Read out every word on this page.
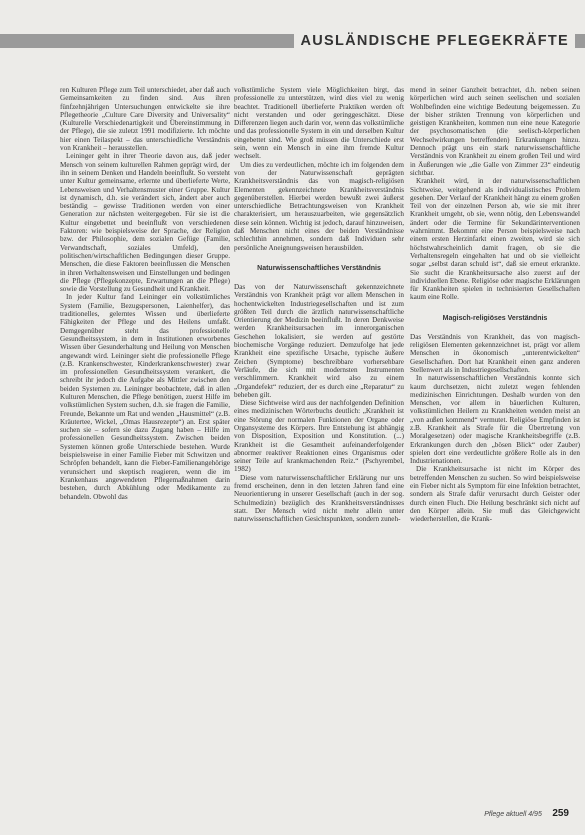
AUSLÄNDISCHE PFLEGEKRÄFTE

ren Kulturen Pflege zum Teil unterschiedet, aber daß auch Gemeinsamkeiten zu finden sind. Aus ihren fünfzehnjährigen Untersuchungen entwickelte sie ihre Pflegetheorie „Culture Care Diversity and Universality“ (Kulturelle Verschiedenartigkeit und Übereinstimmung in der Pflege), die sie zuletzt 1991 modifizierte. Ich möchte hier einen Teilaspekt – das unterschiedliche Verständnis von Krankheit – herausstellen.

Leininger geht in ihrer Theorie davon aus, daß jeder Mensch von seinem kulturellen Rahmen geprägt wird, der ihn in seinem Denken und Handeln beeinflußt. So versteht unter Kultur gemeinsame, erlernte und überlieferte Werte, Lebensweisen und Verhaltensmuster einer Gruppe. Kultur ist dynamisch, d.h. sie verändert sich, ändert aber auch beständig – gewisse Traditionen werden von einer Generation zur nächsten weitergegeben. Für sie ist die Kultur eingebettet und beeinflußt von verschiedenen Faktoren: wie beispielsweise der Sprache, der Religion bzw. der Philosophie, dem sozialen Gefüge (Familie, Verwandtschaft, soziales Umfeld), den politischen/wirtschaftlichen Bedingungen dieser Gruppe. Menschen, die diese Faktoren beeinflussen die Menschen in ihren Verhaltensweisen und Einstellungen und bedingen die Pflege (Pflegekonzepte, Erwartungen an die Pflege) sowie die Vorstellung zu Gesundheit und Krankheit.

In jeder Kultur fand Leininger ein volkstümliches System (Familie, Bezugspersonen, Laienhelfer), das traditionelles, gelerntes Wissen und überlieferte Fähigkeiten der Pflege und des Heilens umfaßt. Demgegenüber steht das professionelle Gesundheitssystem, in dem in Institutionen erworbenes Wissen über Gesunderhaltung und Heilung von Menschen angewandt wird. Leininger sieht die professionelle Pflege (z.B. Krankenschwester, Kinderkrankenschwester) zwar im professionellen Gesundheitssystem verankert, die schreibt ihr jedoch die Aufgabe als Mittler zwischen den beiden Systemen zu. Leininger beobachtete, daß in allen Kulturen Menschen, die Pflege benötigen, zuerst Hilfe im volkstümlichen System suchen, d.h. sie fragen die Familie, Freunde, Bekannte um Rat und wenden „Hausmittel“ (z.B. Kräutertee, Wickel, „Omas Hausrezepte“) an. Erst später suchen sie – sofern sie dazu Zugang haben – Hilfe im professionellen Gesundheitssystem. Zwischen beiden Systemen können große Unterschiede bestehen. Wurde beispielsweise in einer Familie Fieber mit Schwitzen und Schröpfen behandelt, kann die Fieber-Familienangehörige verunsichert und skeptisch reagieren, wenn die im Krankenhaus angewendeten Pflegemaßnahmen darin bestehen, durch Abkühlung oder Medikamente zu behandeln. Obwohl das

volkstümliche System viele Möglichkeiten birgt, das professionelle zu unterstützen, wird dies viel zu wenig beachtet. Traditionell überlieferte Praktiken werden oft nicht verstanden und oder geringgeschätzt. Diese Differenzen liegen auch darin vor, wenn das volkstümliche und das professionelle System in ein und derselben Kultur eingebettet sind. Wie groß müssen die Unterschiede erst sein, wenn ein Mensch in eine ihm fremde Kultur wechselt.

Um dies zu verdeutlichen, möchte ich im folgenden dem von der Naturwissenschaft geprägten Krankheitsverständnis das von magisch-religiösen Elementen gekennzeichnete Krankheitsverständnis gegenüberstellen. Hierbei werden bewußt zwei äußerst unterschiedliche Betrachtungsweisen von Krankheit charakterisiert, um herauszuarbeiten, wie gegensätzlich diese sein können. Wichtig ist jedoch, darauf hinzuweisen, daß Menschen nicht eines der beiden Verständnisse schlechthin annehmen, sondern daß Individuen sehr persönliche Aneignungsweisen herausbilden.

Naturwissenschaftliches Verständnis

Das von der Naturwissenschaft gekennzeichnete Verständnis von Krankheit prägt vor allem Menschen in hochentwickelten Industriegesellschaften und ist zum größten Teil durch die ärztlich naturwissenschaftliche Orientierung der Medizin beeinflußt. In deren Denkweise werden Krankheitsursachen im innerorganischen Geschehen lokalisiert, sie werden auf gestörte biochemische Vorgänge reduziert. Demzufolge hat jede Krankheit eine spezifische Ursache, typische äußere Zeichen (Symptome) beschreibbare vorhersehbare Verläufe, die sich mit modernsten Instrumenten verschlimmern. Krankheit wird also zu einem „Organdefekt“ reduziert, der es durch eine „Reparatur“ zu beheben gilt.

Diese Sichtweise wird aus der nachfolgenden Definition eines medizinischen Wörterbuchs deutlich: „Krankheit ist eine Störung der normalen Funktionen der Organe oder Organsysteme des Körpers. Ihre Entstehung ist abhängig von Disposition, Exposition und Konstitution. (...) Krankheit ist die Gesamtheit aufeinanderfolgender abnormer reaktiver Reaktionen eines Organismus oder seiner Teile auf krankmachenden Reiz.“ (Pschyrembel, 1982)

Diese vom naturwissenschaftlicher Erklärung nur uns fremd erscheinen, denn in den letzten Jahren fand eine Neuorientierung in unserer Gesellschaft (auch in der sog. Schulmedizin) bezüglich des Krankheitsverständnisses statt. Der Mensch wird nicht mehr allein unter naturwissenschaftlichen Gesichtspunkten, sondern zuneh-

mend in seiner Ganzheit betrachtet, d.h. neben seinen körperlichen wird auch seinen seelischen und sozialen Wohlbefinden eine wichtige Bedeutung beigemessen. Zu der bisher strikten Trennung von körperlichen und geistigen Krankheiten, kommen nun eine neue Kategorie der psychosomatischen (die seelisch-körperlichen Wechselwirkungen betreffenden) Erkrankungen hinzu. Dennoch prägt uns ein stark naturwissenschaftliche Verständnis von Krankheit zu einem großen Teil und wird in Äußerungen wie „die Galle von Zimmer 23“ eindeutig sichtbar.

Krankheit wird, in der naturwissenschaftlichen Sichtweise, weitgehend als individualistisches Problem gesehen. Der Verlauf der Krankheit hängt zu einem großen Teil von der einzelnen Person ab, wie sie mit ihrer Krankheit umgeht, ob sie, wenn nötig, den Lebenswandel ändert oder die Termine für Sekundärinterventionen wahrnimmt. Bekommt eine Person beispielsweise nach einem ersten Herzinfarkt einen zweiten, wird sie sich höchstwahrscheinlich damit fragen, ob sie die Verhaltensregeln eingehalten hat und ob sie vielleicht sogar „selbst daran schuld ist“, daß sie erneut erkrankte. Sie sucht die Krankheitsursache also zuerst auf der individuellen Ebene. Religiöse oder magische Erklärungen für Krankheiten spielen in technisierten Gesellschaften kaum eine Rolle.

Magisch-religiöses Verständnis

Das Verständnis von Krankheit, das von magisch-religiösen Elementen gekennzeichnet ist, prägt vor allem Menschen in ökonomisch „unterentwickelten“ Gesellschaften. Dort hat Krankheit einen ganz anderen Stellenwert als in Industriegesellschaften.

In naturwissenschaftlichen Verständnis konnte sich kaum durchsetzen, nicht zuletzt wegen fehlenden medizinischen Einrichtungen. Deshalb wurden von den Menschen, vor allem in bäuerlichen Kulturen, volkstümlichen Heilern zu Krankheiten wenden meist an „von außen kommend“ vermutet. Religiöse Empfinden ist z.B. Krankheit als Strafe für die Übertretung von Moralgesetzen) oder magische Krankheitsbegriffe (z.B. Erkrankungen durch den „bösen Blick“ oder Zauber) spielen dort eine verdeutlichte größere Rolle als in den Industrienationen.

Die Krankheitsursache ist nicht im Körper des betreffenden Menschen zu suchen. So wird beispielsweise ein Fieber nicht als Symptom für eine Infektion betrachtet, sondern als Strafe dafür verursacht durch Geister oder durch einen Fluch. Die Heilung beschränkt sich nicht auf den Körper allein. Sie muß das Gleichgewicht wiederherstellen, die Krank-

Pflege aktuell 4/95 259
